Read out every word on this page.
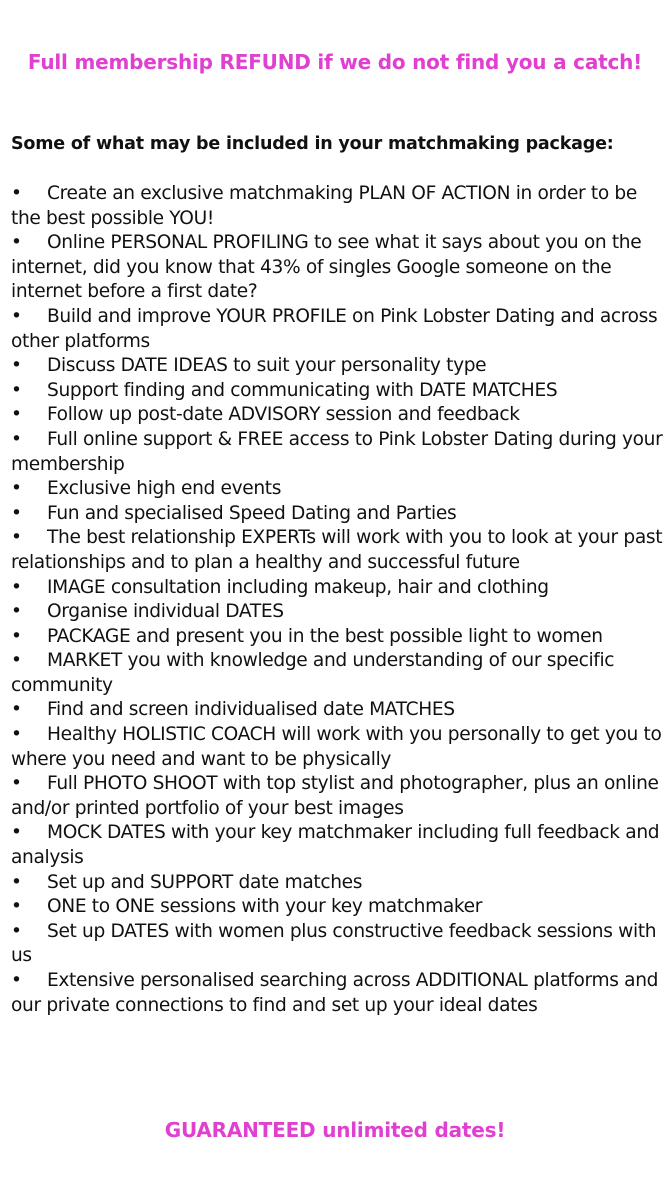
Full membership REFUND if we do not find you a catch!
Some of what may be included in your matchmaking package:
• Create an exclusive matchmaking PLAN OF ACTION in order to be the best possible YOU!
• Online PERSONAL PROFILING to see what it says about you on the internet, did you know that 43% of singles Google someone on the internet before a first date?
• Build and improve YOUR PROFILE on Pink Lobster Dating and across other platforms
• Discuss DATE IDEAS to suit your personality type
• Support finding and communicating with DATE MATCHES
• Follow up post-date ADVISORY session and feedback
• Full online support & FREE access to Pink Lobster Dating during your membership
• Exclusive high end events
• Fun and specialised Speed Dating and Parties
• The best relationship EXPERTs will work with you to look at your past relationships and to plan a healthy and successful future
• IMAGE consultation including makeup, hair and clothing
• Organise individual DATES
• PACKAGE and present you in the best possible light to women
• MARKET you with knowledge and understanding of our specific community
• Find and screen individualised date MATCHES
• Healthy HOLISTIC COACH will work with you personally to get you to where you need and want to be physically
• Full PHOTO SHOOT with top stylist and photographer, plus an online and/or printed portfolio of your best images
• MOCK DATES with your key matchmaker including full feedback and analysis
• Set up and SUPPORT date matches
• ONE to ONE sessions with your key matchmaker
• Set up DATES with women plus constructive feedback sessions with us
• Extensive personalised searching across ADDITIONAL platforms and our private connections to find and set up your ideal dates
GUARANTEED unlimited dates!
